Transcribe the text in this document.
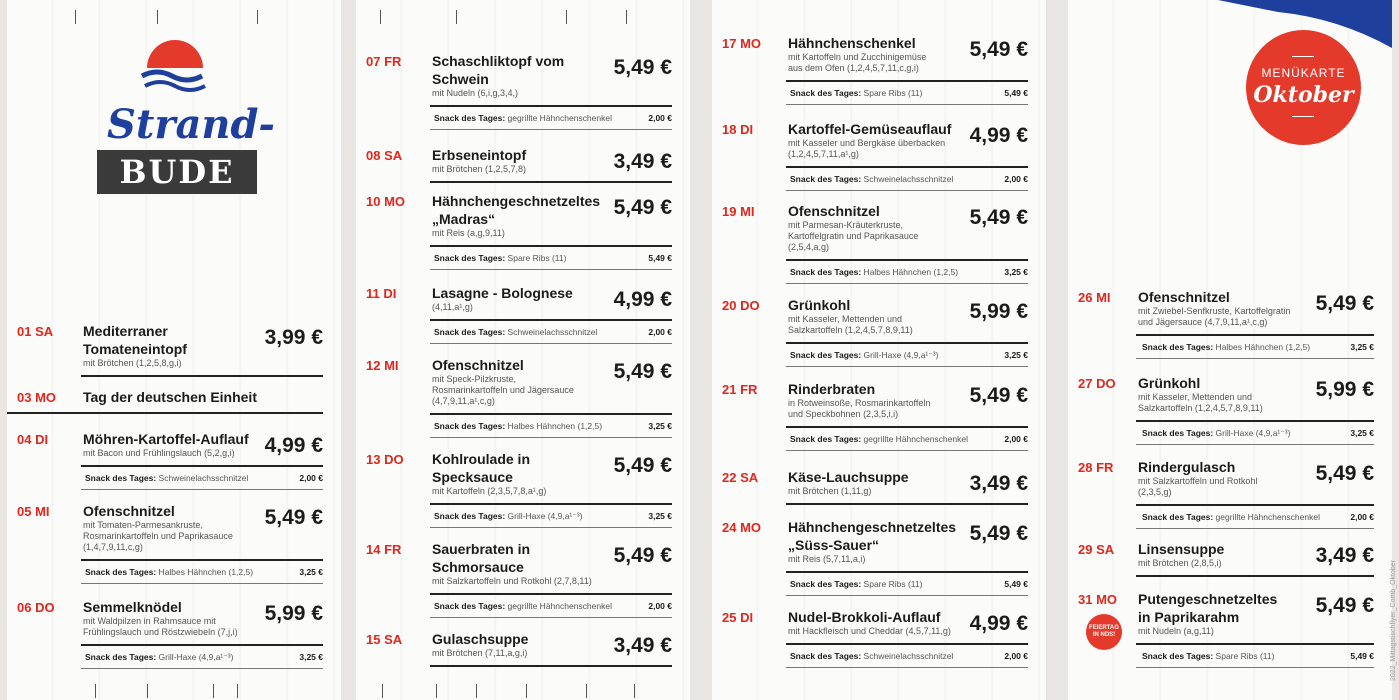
Strand-
BUDE
01 SA Mediterraner
Tomateneintopf
mit Brötchen (1,2,5,8,g,i)
3,99 €
03 MO Tag der deutschen Einheit
04 DI Möhren-Kartoffel-Auflauf
mit Bacon und Frühlingslauch (5,2,g,i)	4,99 €
Snack des Tages: Schweinelachsschnitzel	2,00 €
05 MI Ofenschnitzel
mit Tomaten-Parmesankruste,
Rosmarinkartoffeln und Paprikasauce
(1,4,7,9,11,c,g)
5,49 €
Snack des Tages: Halbes Hähnchen (1,2,5)	3,25 €
06 DO Semmelknödel
mit Waldpilzen in Rahmsauce mit
Frühlingslauch und Röstzwiebeln (7,j,i)
5,99 €
Snack des Tages: Grill-Haxe (4,9,a¹⁻³)	3,25 €
07 FR Schaschliktopf vom
Schwein
mit Nudeln (6,i,g,3,4,)
5,49 €
Snack des Tages: gegrillte Hähnchenschenkel	2,00 €
08 SA Erbseneintopf
mit Brötchen (1,2,5,7,8)	3,49 €
10 MO Hähnchengeschnetzeltes
„Madras“
mit Reis (a,g,9,11)
5,49 €
Snack des Tages: Spare Ribs (11)	5,49 €
11 DI	Lasagne - Bolognese
(4,11,a¹,g)	4,99 €
Snack des Tages: Schweinelachsschnitzel	2,00 €
12 MI Ofenschnitzel
mit Speck-Pilzkruste,
Rosmarinkartoffeln und Jägersauce
(4,7,9,11,a¹,c,g)
5,49 €
Snack des Tages: Halbes Hähnchen (1,2,5)	3,25 €
13 DO Kohlroulade in
Specksauce
mit Kartoffeln (2,3,5,7,8,a¹,g)
5,49 €
Snack des Tages: Grill-Haxe (4,9,a¹⁻³)	3,25 €
14 FR Sauerbraten in
Schmorsauce
mit Salzkartoffeln und Rotkohl (2,7,8,11)
5,49 €
Snack des Tages: gegrillte Hähnchenschenkel	2,00 €
15 SA Gulaschsuppe
mit Brötchen (7,11,a,g,i)	3,49 €
17 MO Hähnchenschenkel
mit Kartoffeln und Zucchinigemüse
aus dem Ofen (1,2,4,5,7,11,c,g,i)
5,49 €
Snack des Tages: Spare Ribs (11)	5,49 €
18 DI Kartoffel-Gemüseauflauf
mit Kasseler und Bergkäse überbacken
(1,2,4,5,7,11,a¹,g)
4,99 €
Snack des Tages: Schweinelachsschnitzel	2,00 €
19 MI Ofenschnitzel
mit Parmesan-Kräuterkruste,
Kartoffelgratin und Paprikasauce
(2,5,4,a,g)
5,49 €
Snack des Tages: Halbes Hähnchen (1,2,5)	3,25 €
20 DO Grünkohl
mit Kasseler, Mettenden und
Salzkartoffeln (1,2,4,5,7,8,9,11)
5,99 €
Snack des Tages: Grill-Haxe (4,9,a¹⁻³)	3,25 €
21 FR Rinderbraten
in Rotweinsoße, Rosmarinkartoffeln
und Speckbohnen (2,3,5,i,i)
5,49 €
Snack des Tages: gegrillte Hähnchenschenkel	2,00 €
22 SA Käse-Lauchsuppe
mit Brötchen (1,11,g)	3,49 €
24 MO Hähnchengeschnetzeltes
„Süss-Sauer“
mit Reis (5,7,11,a,i)
5,49 €
Snack des Tages: Spare Ribs (11)	5,49 €
25 DI Nudel-Brokkoli-Auflauf
mit Hackfleisch und Cheddar (4,5,7,11,g) 4,99 €
Snack des Tages: Schweinelachsschnitzel	2,00 €
MENÜKARTE
Oktober
26 MI Ofenschnitzel
mit Zwiebel-Senfkruste, Kartoffelgratin
und Jägersauce (4,7,9,11,a¹,c,g)
5,49 €
Snack des Tages: Halbes Hähnchen (1,2,5)	3,25 €
27 DO Grünkohl
mit Kasseler, Mettenden und
Salzkartoffeln (1,2,4,5,7,8,9,11)
5,99 €
Snack des Tages: Grill-Haxe (4,9,a¹⁻³)	3,25 €
28 FR Rindergulasch
mit Salzkartoffeln und Rotkohl
(2,3,5,g)
5,49 €
Snack des Tages: gegrillte Hähnchenschenkel	2,00 €
29 SA Linsensuppe
mit Brötchen (2,8,5,i)	3,49 €
31 MO Putengeschnetzeltes
in Paprikarahm
mit Nudeln (a,g,11)
5,49 €
Snack des Tages: Spare Ribs (11)	5,49 €
FEIERTAG
IN NDS!	2022_Mittagstischflyer_Comb_Oktober
